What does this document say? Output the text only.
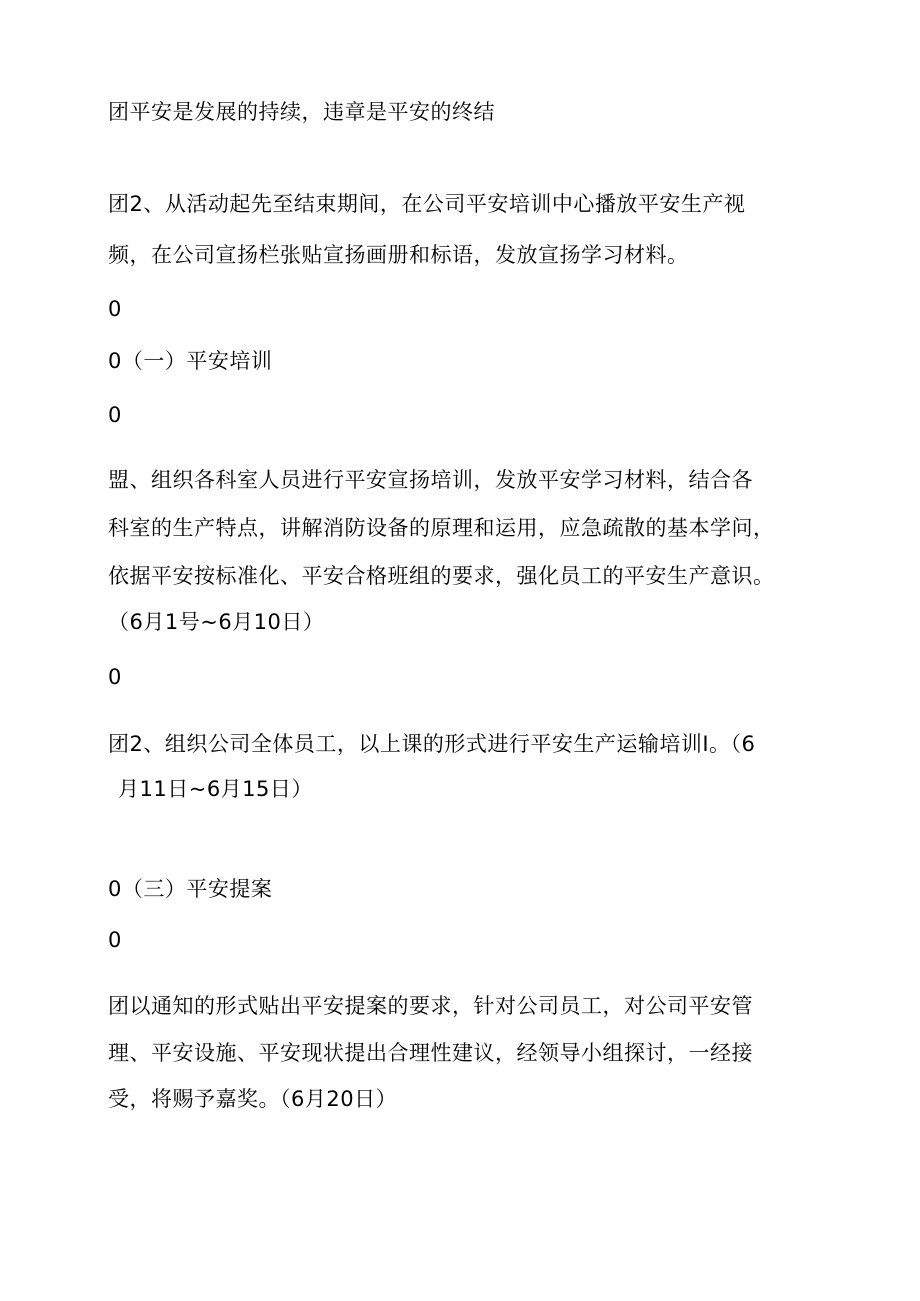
团平安是发展的持续，违章是平安的终结
团2、从活动起先至结束期间，在公司平安培训中心播放平安生产视
频，在公司宣扬栏张贴宣扬画册和标语，发放宣扬学习材料。
0
0（一）平安培训
0
盟、组织各科室人员进行平安宣扬培训，发放平安学习材料，结合各
科室的生产特点，讲解消防设备的原理和运用，应急疏散的基本学问，
依据平安按标准化、平安合格班组的要求，强化员工的平安生产意识。
（6月1号~6月10日）
0
团2、组织公司全体员工，以上课的形式进行平安生产运输培训I。（6
月11日~6月15日）
0（三）平安提案
0
团以通知的形式贴出平安提案的要求，针对公司员工，对公司平安管
理、平安设施、平安现状提出合理性建议，经领导小组探讨，一经接
受，将赐予嘉奖。（6月20日）
